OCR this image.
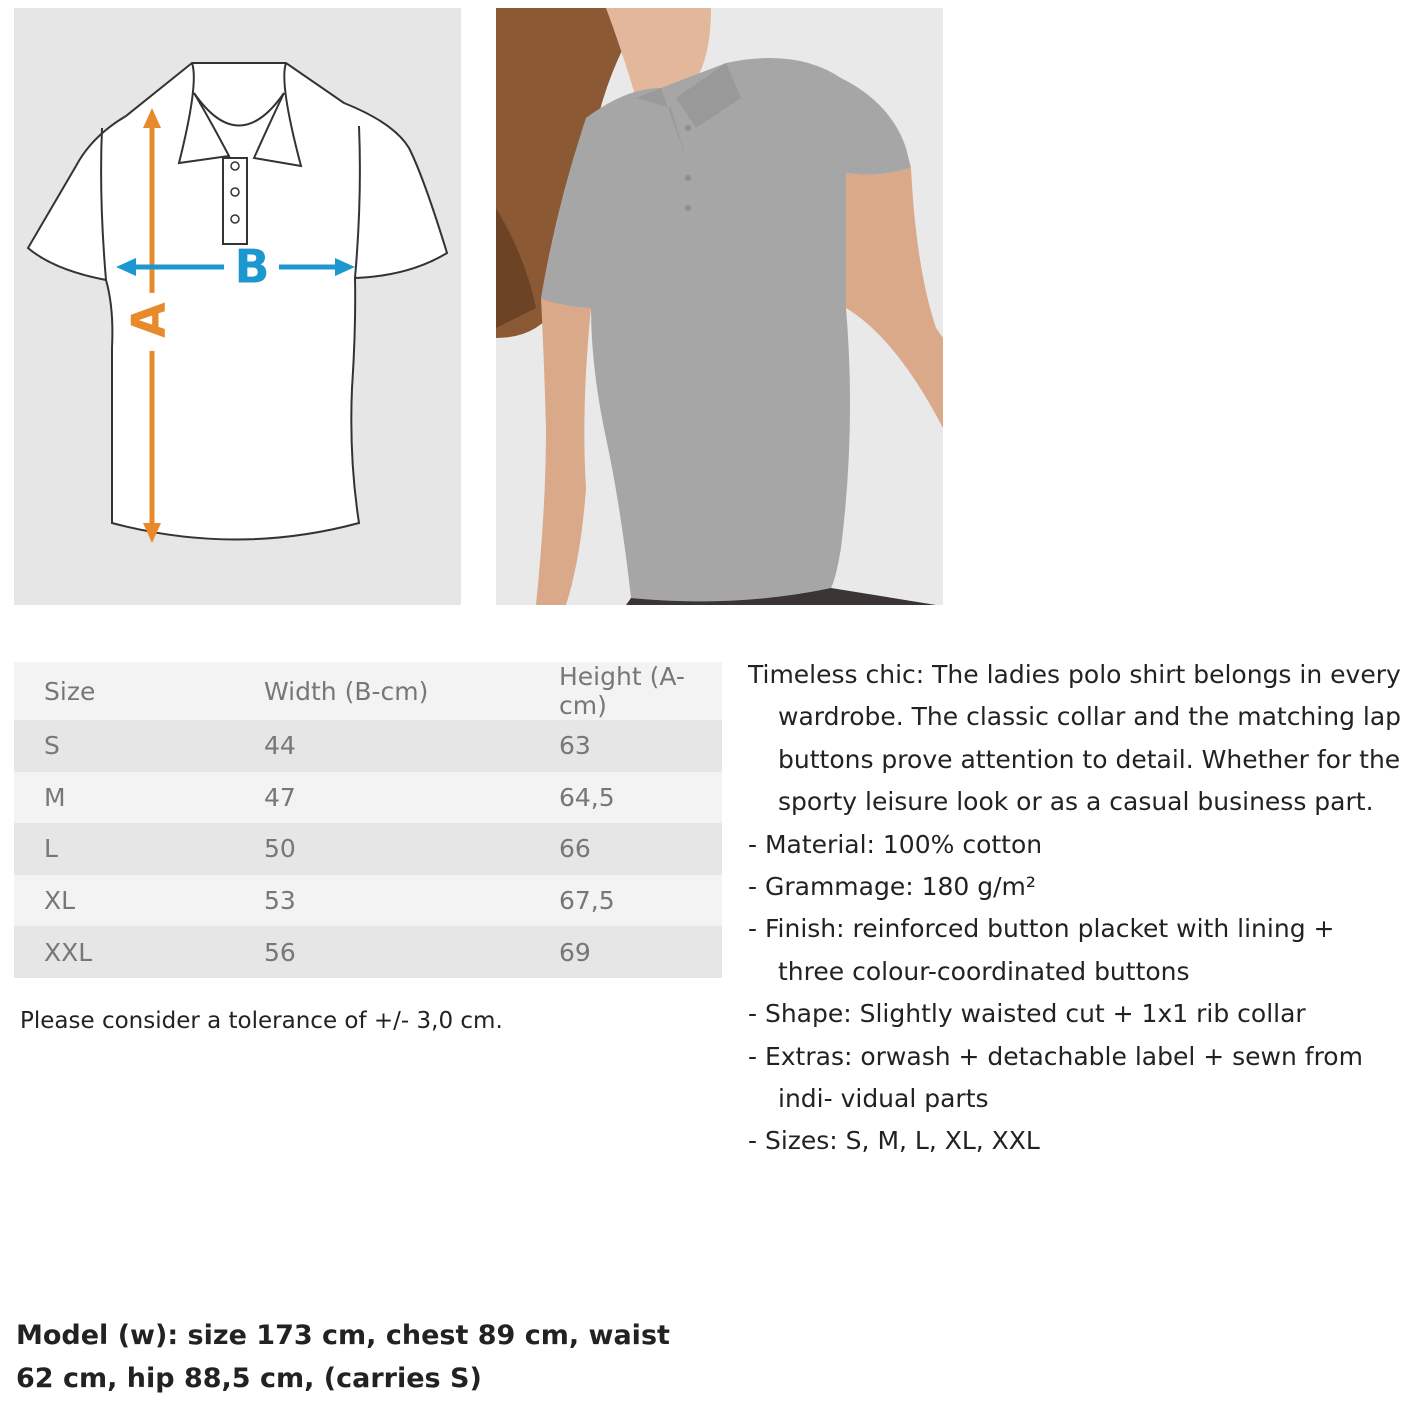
A
B
Size	Width (B-cm)	Height (A-cm)
S	44	63
M	47	64,5
L	50	66
XL	53	67,5
XXL	56	69
Please consider a tolerance of +/- 3,0 cm.

Timeless chic: The ladies polo shirt belongs in every wardrobe. The classic collar and the matching lap buttons prove attention to detail. Whether for the sporty leisure look or as a casual business part.

- Material: 100% cotton
- Grammage: 180 g/m²
- Finish: reinforced button placket with lining + three colour-coordinated buttons
- Shape: Slightly waisted cut + 1x1 rib collar
- Extras: orwash + detachable label + sewn from indi- vidual parts
- Sizes: S, M, L, XL, XXL
Model (w): size 173 cm, chest 89 cm, waist 62 cm, hip 88,5 cm, (carries S)
